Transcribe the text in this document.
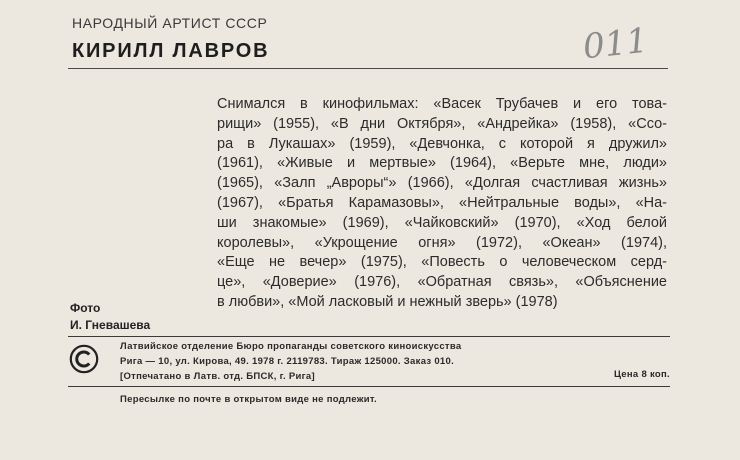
НАРОДНЫЙ АРТИСТ СССР
КИРИЛЛ ЛАВРОВ	011
Снимался в кинофильмах: «Васек Трубачев и его това-
рищи» (1955), «В дни Октября», «Андрейка» (1958), «Ссо-
ра в Лукашах» (1959), «Девчонка, с которой я дружил»
(1961), «Живые и мертвые» (1964), «Верьте мне, люди»
(1965), «Залп „Авроры“» (1966), «Долгая счастливая жизнь»
(1967), «Братья Карамазовы», «Нейтральные воды», «На-
ши знакомые» (1969), «Чайковский» (1970), «Ход белой
королевы», «Укрощение огня» (1972), «Океан» (1974),
«Еще не вечер» (1975), «Повесть о человеческом серд-
це», «Доверие» (1976), «Обратная связь», «Объяснение
в любви», «Мой ласковый и нежный зверь» (1978)
Фото
И. Гневашева
Латвийское отделение Бюро пропаганды советского киноискусства
Рига — 10, ул. Кирова, 49. 1978 г. 2119783. Тираж 125000. Заказ 010.
[Отпечатано в Латв. отд. БПСК, г. Рига]	Цена 8 коп.
Пересылке по почте в открытом виде не подлежит.
